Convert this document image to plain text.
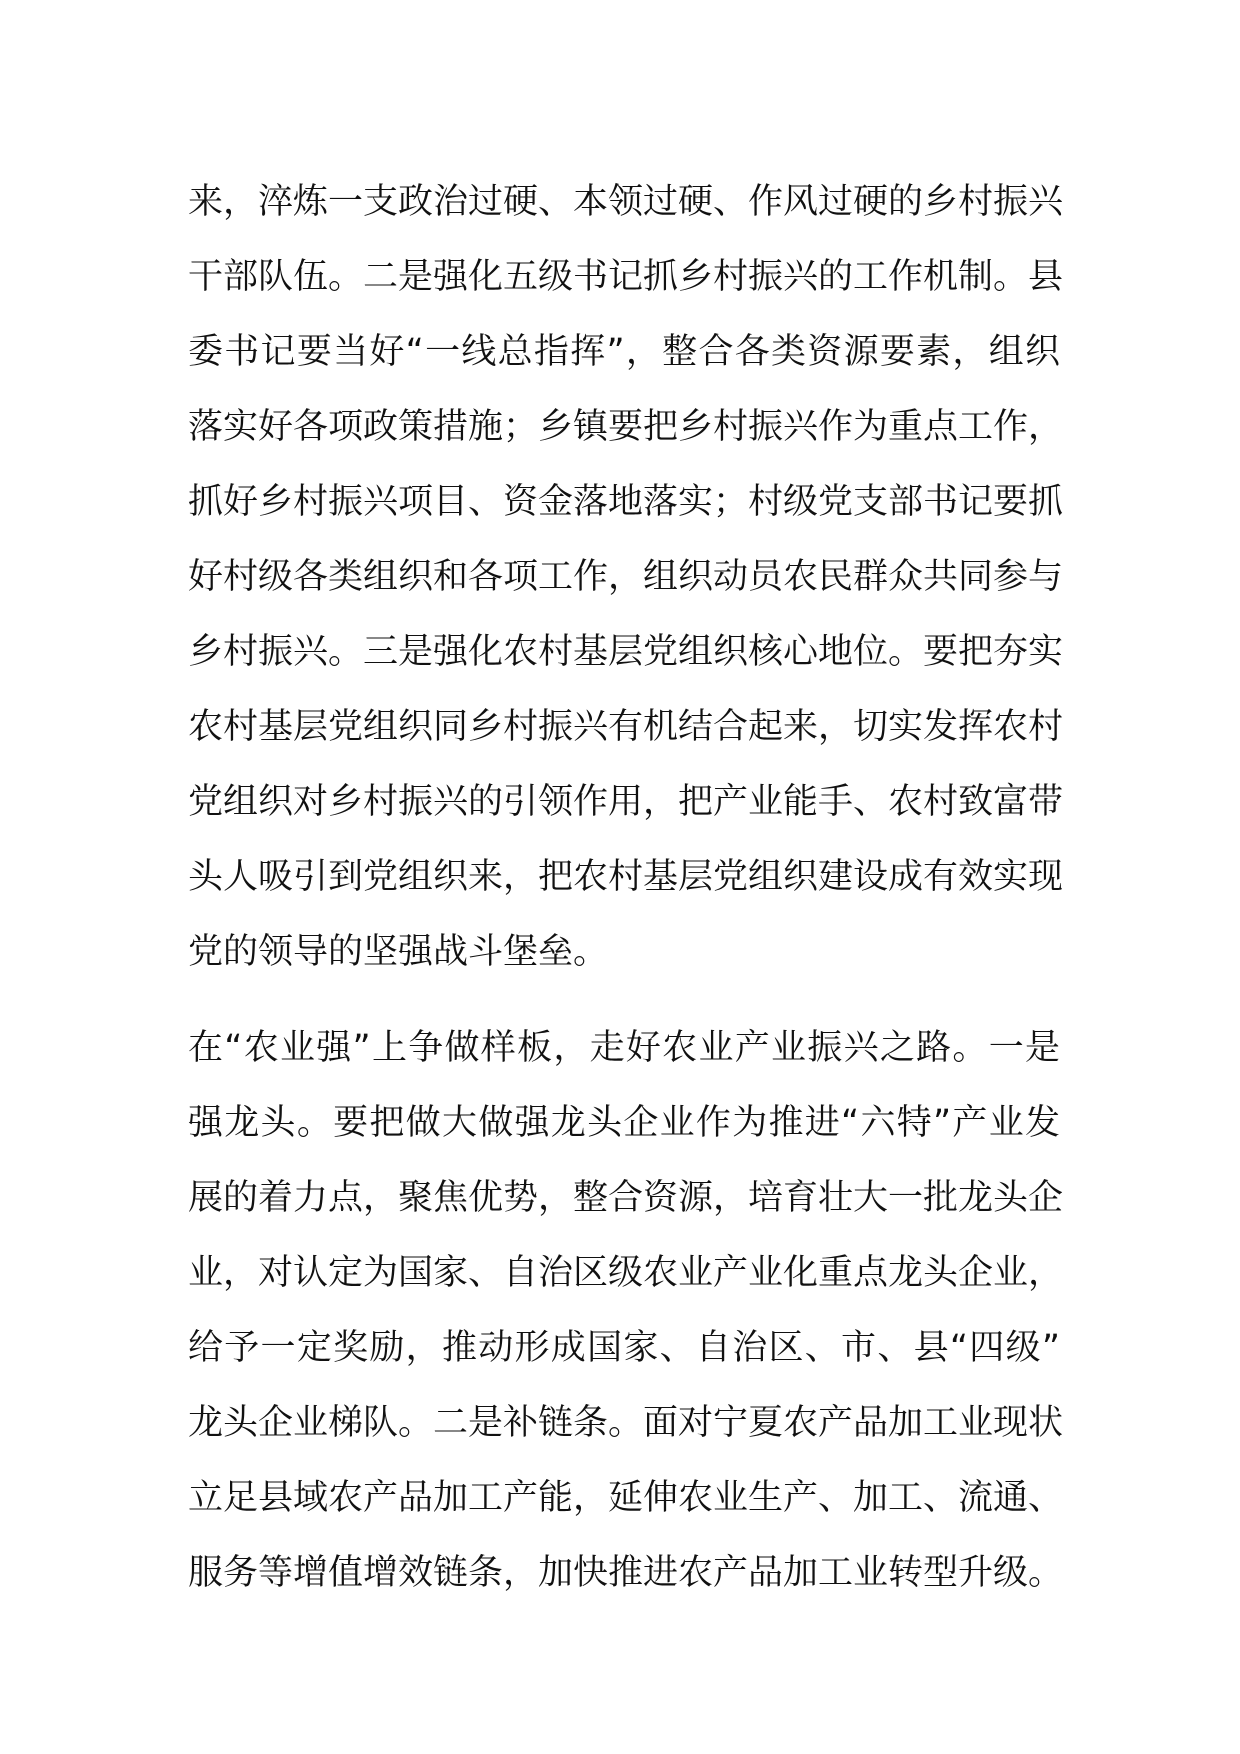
来，淬炼一支政治过硬、本领过硬、作风过硬的乡村振兴
干部队伍。二是强化五级书记抓乡村振兴的工作机制。县
委书记要当好“一线总指挥”，整合各类资源要素，组织
落实好各项政策措施；乡镇要把乡村振兴作为重点工作，
抓好乡村振兴项目、资金落地落实；村级党支部书记要抓
好村级各类组织和各项工作，组织动员农民群众共同参与
乡村振兴。三是强化农村基层党组织核心地位。要把夯实
农村基层党组织同乡村振兴有机结合起来，切实发挥农村
党组织对乡村振兴的引领作用，把产业能手、农村致富带
头人吸引到党组织来，把农村基层党组织建设成有效实现
党的领导的坚强战斗堡垒。
在“农业强”上争做样板，走好农业产业振兴之路。一是
强龙头。要把做大做强龙头企业作为推进“六特”产业发
展的着力点，聚焦优势，整合资源，培育壮大一批龙头企
业，对认定为国家、自治区级农业产业化重点龙头企业，
给予一定奖励，推动形成国家、自治区、市、县“四级”
龙头企业梯队。二是补链条。面对宁夏农产品加工业现状
立足县域农产品加工产能，延伸农业生产、加工、流通、
服务等增值增效链条，加快推进农产品加工业转型升级。
